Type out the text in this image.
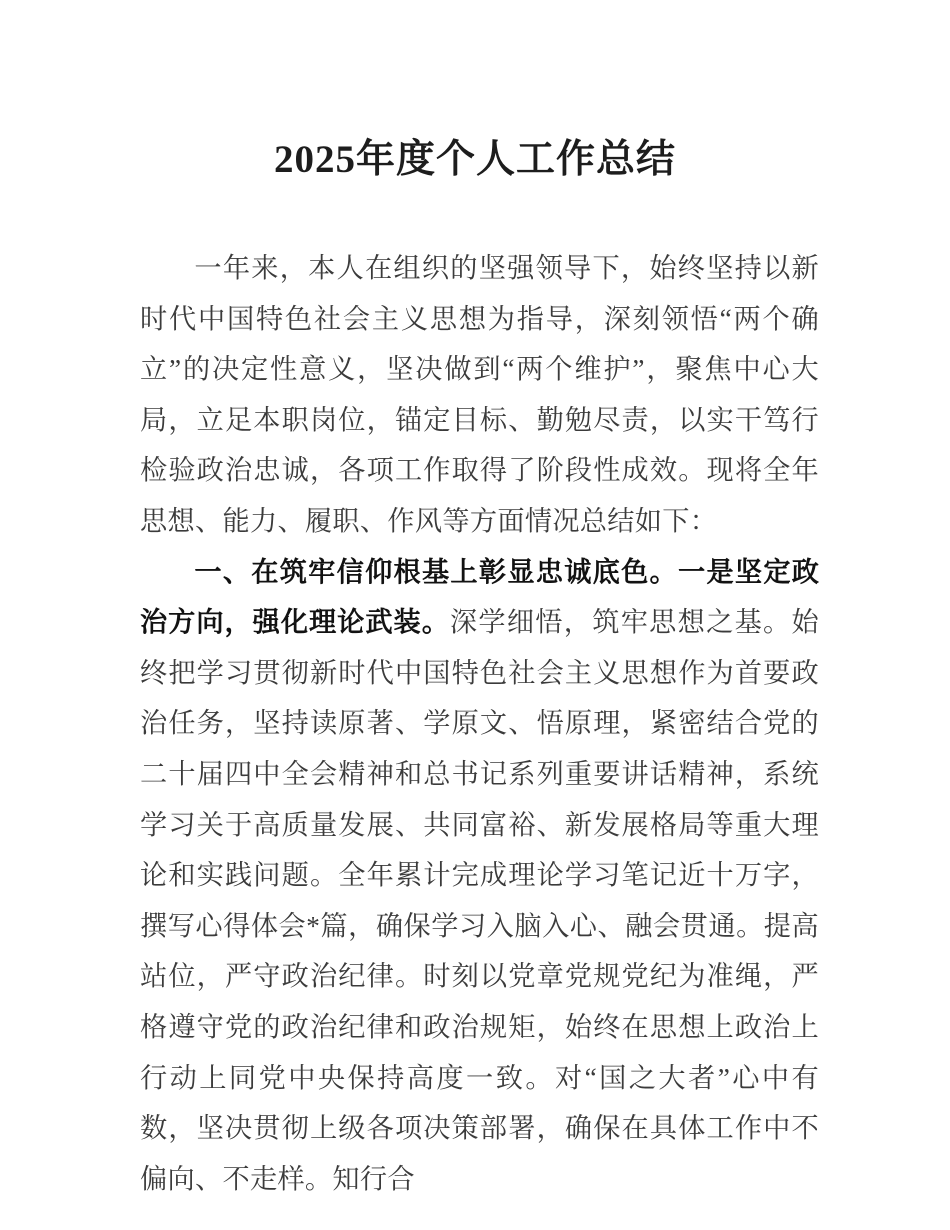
2025年度个人工作总结

一年来，本人在组织的坚强领导下，始终坚持以新时代中国特色社会主义思想为指导，深刻领悟“两个确立”的决定性意义，坚决做到“两个维护”，聚焦中心大局，立足本职岗位，锚定目标、勤勉尽责，以实干笃行检验政治忠诚，各项工作取得了阶段性成效。现将全年思想、能力、履职、作风等方面情况总结如下：

一、在筑牢信仰根基上彰显忠诚底色。一是坚定政治方向，强化理论武装。深学细悟，筑牢思想之基。始终把学习贯彻新时代中国特色社会主义思想作为首要政治任务，坚持读原著、学原文、悟原理，紧密结合党的二十届四中全会精神和总书记系列重要讲话精神，系统学习关于高质量发展、共同富裕、新发展格局等重大理论和实践问题。全年累计完成理论学习笔记近十万字，撰写心得体会*篇，确保学习入脑入心、融会贯通。提高站位，严守政治纪律。时刻以党章党规党纪为准绳，严格遵守党的政治纪律和政治规矩，始终在思想上政治上行动上同党中央保持高度一致。对“国之大者”心中有数，坚决贯彻上级各项决策部署，确保在具体工作中不偏向、不走样。知行合
